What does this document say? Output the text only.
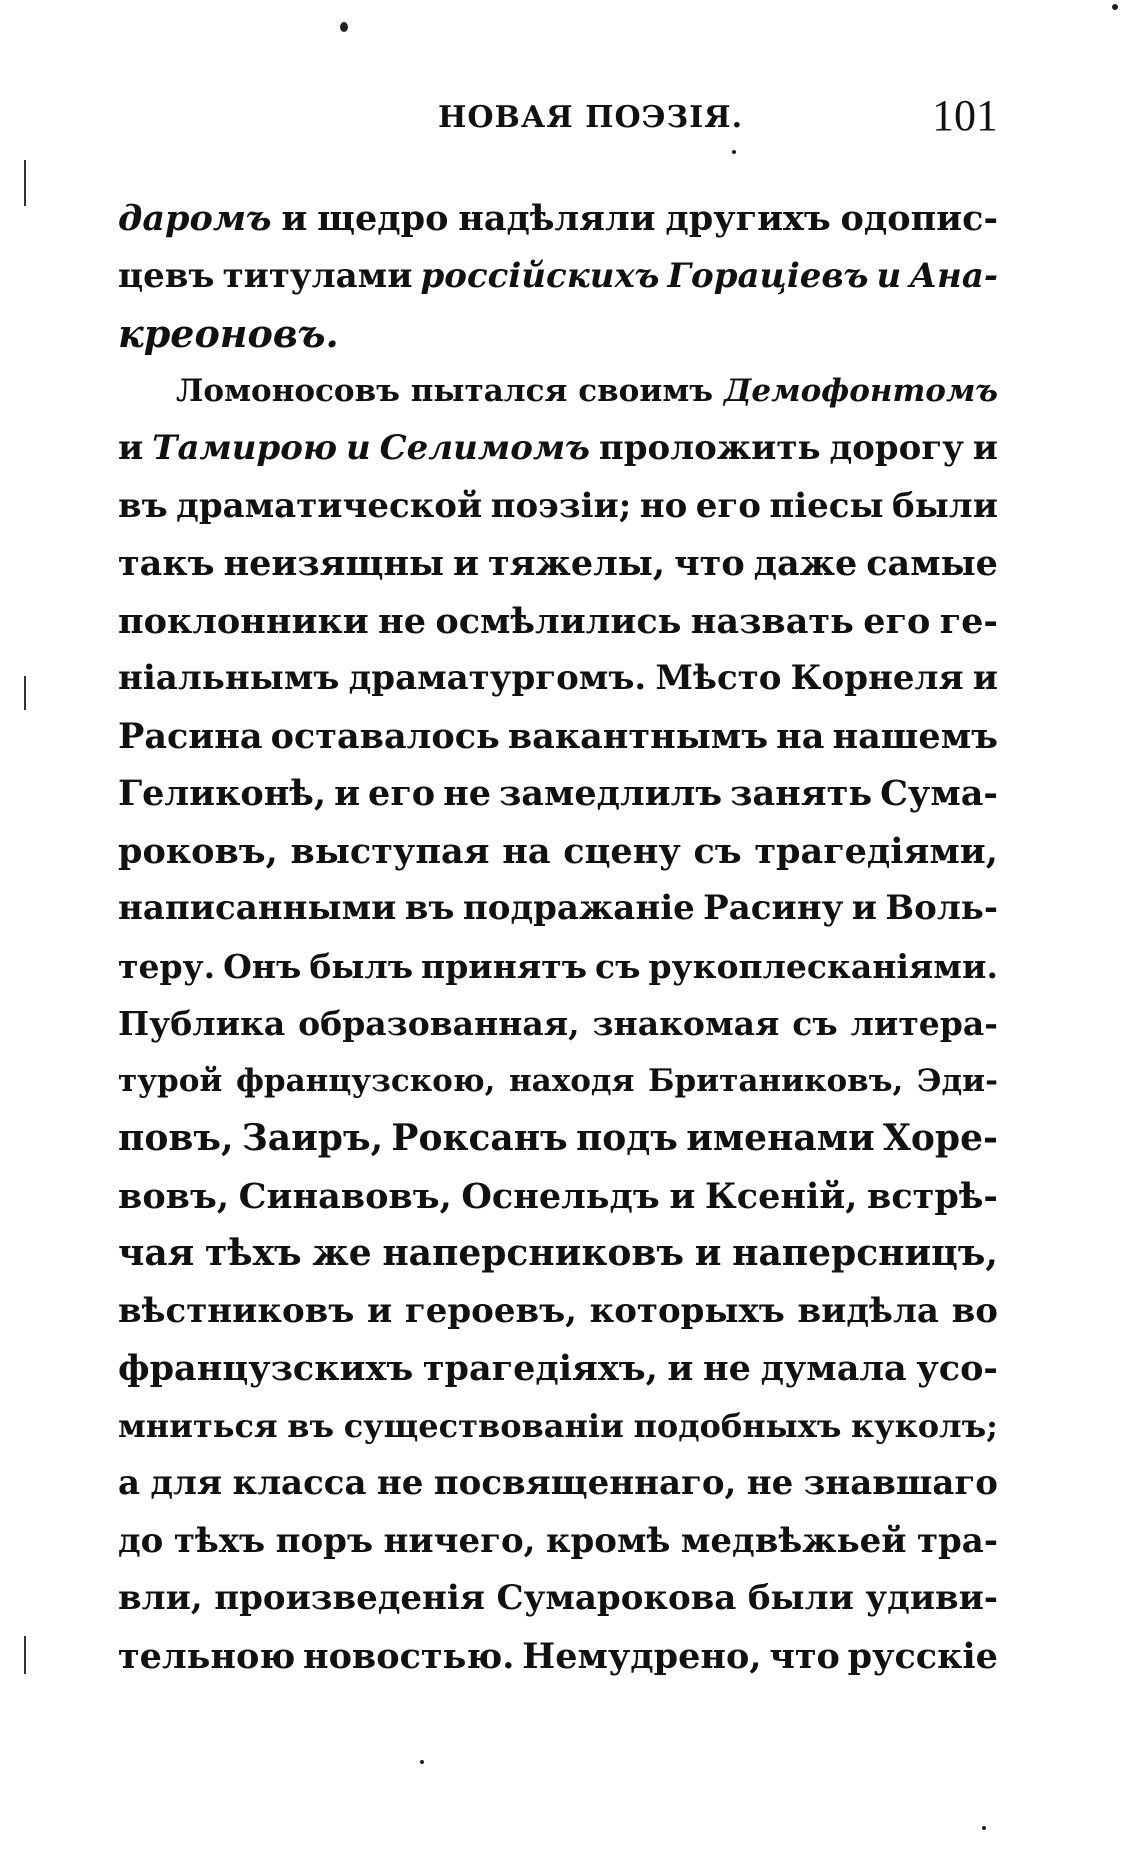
НОВАЯ ПОЭЗІЯ.	101
даромъ и щедро надѣляли другихъ одопис-
цевъ титулами россійскихъ Горацiевъ и Ана-
креоновъ.
Ломоносовъ пытался своимъ Демофонтомъ
и Тамирою и Селимомъ проложить дорогу и
въ драматической поэзіи; но его піесы были
такъ неизящны и тяжелы, что даже самые
поклонники не осмѣлились назвать его ге-
ніальнымъ драматургомъ. Мѣсто Корнеля и
Расина оставалось вакантнымъ на нашемъ
Геликонѣ, и его не замедлилъ занять Сума-
роковъ, выступая на сцену съ трагедіями,
написанными въ подражаніе Расину и Воль-
теру. Онъ былъ принятъ съ рукоплесканіями.
Публика образованная, знакомая съ литера-
турой французскою, находя Британиковъ, Эди-
повъ, Заиръ, Роксанъ подъ именами Хоре-
вовъ, Синавовъ, Оснельдъ и Ксеній, встрѣ-
чая тѣхъ же наперсниковъ и наперсницъ,
вѣстниковъ и героевъ, которыхъ видѣла во
французскихъ трагедіяхъ, и не думала усо-
мниться въ существованіи подобныхъ куколъ;
а для класса не посвященнаго, не знавшаго
до тѣхъ поръ ничего, кромѣ медвѣжьей тра-
вли, произведенія Сумарокова были удиви-
тельною новостью. Немудрено, что русскіе
